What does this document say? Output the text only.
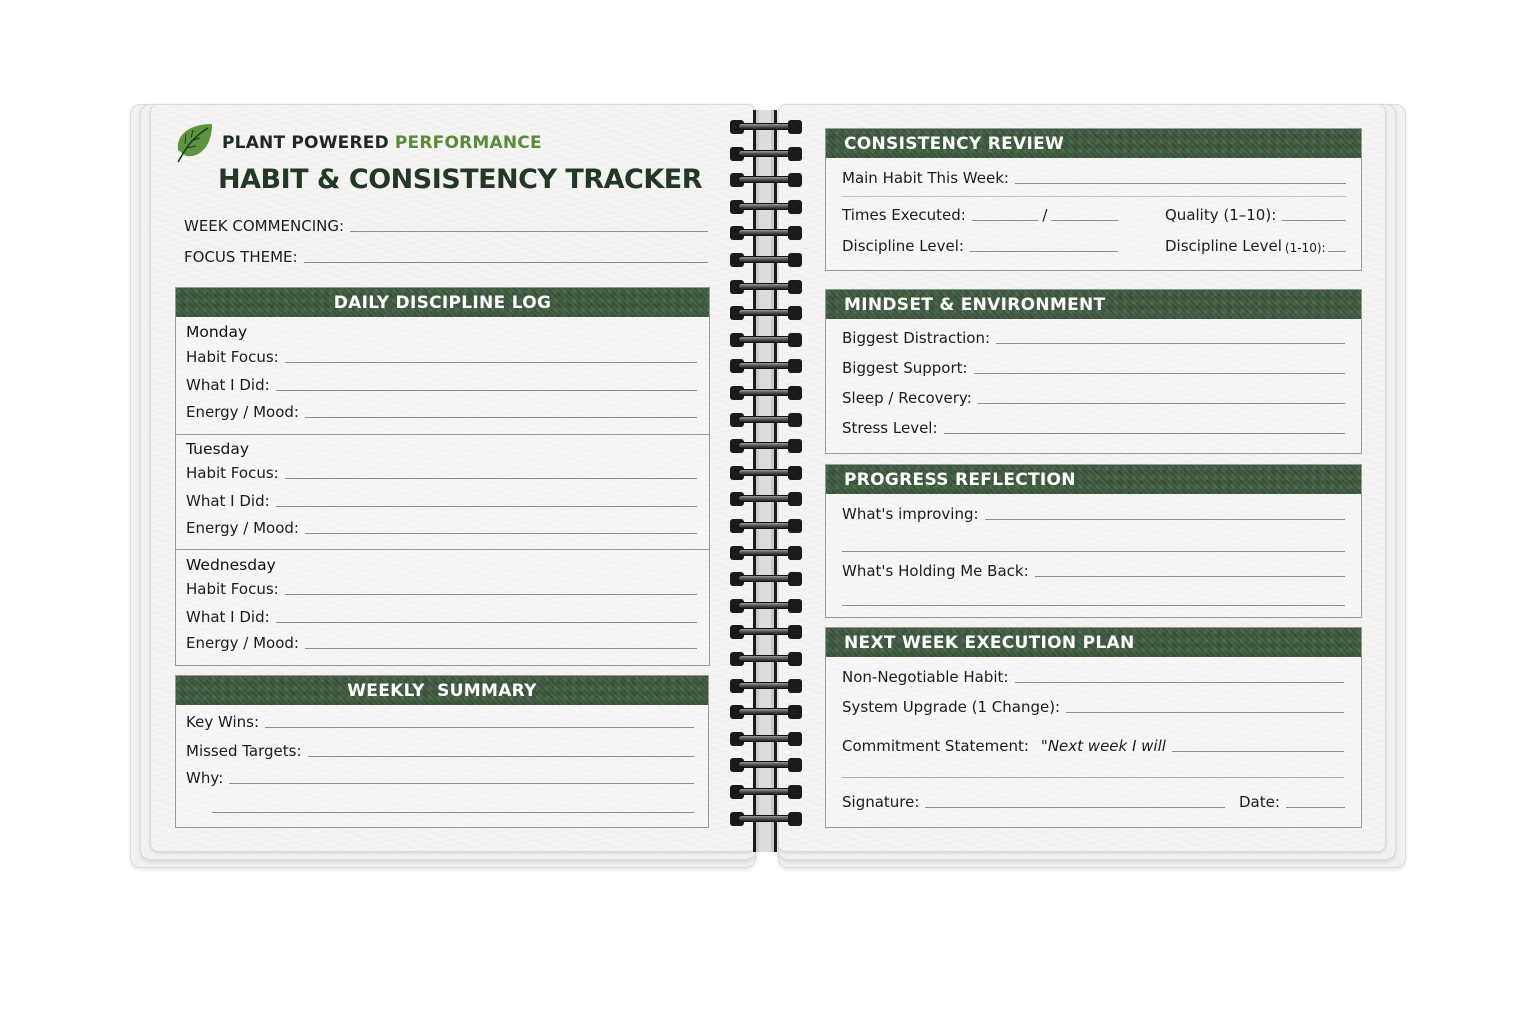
PLANT POWERED PERFORMANCE
HABIT & CONSISTENCY TRACKER
WEEK COMMENCING:
FOCUS THEME:
DAILY DISCIPLINE LOG
Monday
Habit Focus:
What I Did:
Energy / Mood:
Tuesday
Habit Focus:
What I Did:
Energy / Mood:
Wednesday
Habit Focus:
What I Did:
Energy / Mood:
WEEKLY  SUMMARY
Key Wins:
Missed Targets:
Why:
CONSISTENCY REVIEW
Main Habit This Week:
Times Executed:	/	Quality (1–10):
Discipline Level:	Discipline Level (1-10):
MINDSET & ENVIRONMENT
Biggest Distraction:
Biggest Support:
Sleep / Recovery:
Stress Level:
PROGRESS REFLECTION
What's improving:
What's Holding Me Back:
NEXT WEEK EXECUTION PLAN
Non-Negotiable Habit:
System Upgrade (1 Change):
Commitment Statement: "Next week I will
Signature:	Date:
